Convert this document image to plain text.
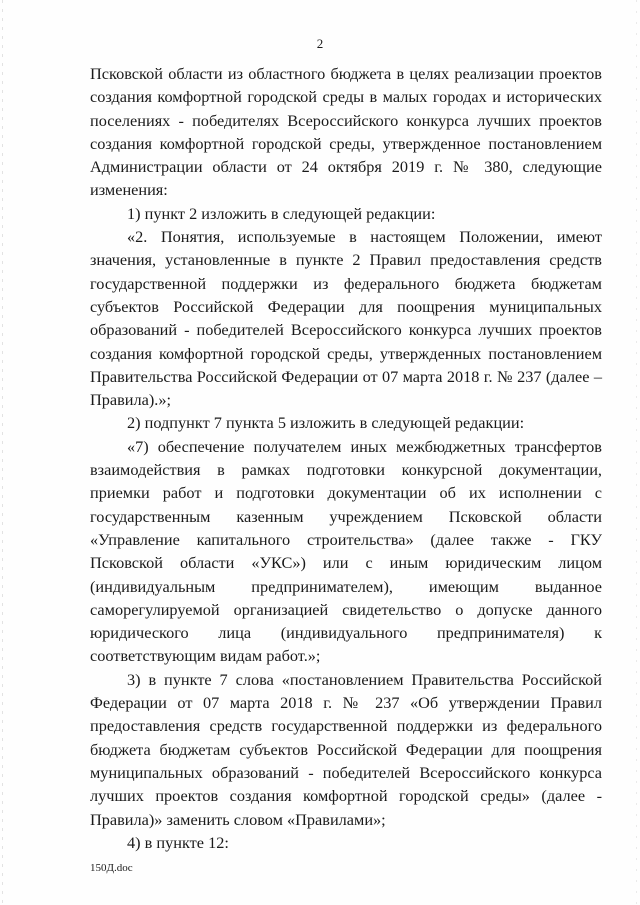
2

Псковской области из областного бюджета в целях реализации проектов создания комфортной городской среды в малых городах и исторических поселениях - победителях Всероссийского конкурса лучших проектов создания комфортной городской среды, утвержденное постановлением Администрации области от 24 октября 2019 г. № 380, следующие изменения:

1) пункт 2 изложить в следующей редакции:

«2. Понятия, используемые в настоящем Положении, имеют значения, установленные в пункте 2 Правил предоставления средств государственной поддержки из федерального бюджета бюджетам субъектов Российской Федерации для поощрения муниципальных образований - победителей Всероссийского конкурса лучших проектов создания комфортной городской среды, утвержденных постановлением Правительства Российской Федерации от 07 марта 2018 г. № 237 (далее – Правила).»;

2) подпункт 7 пункта 5 изложить в следующей редакции:

«7) обеспечение получателем иных межбюджетных трансфертов взаимодействия в рамках подготовки конкурсной документации, приемки работ и подготовки документации об их исполнении с государственным казенным учреждением Псковской области «Управление капитального строительства» (далее также - ГКУ Псковской области «УКС») или с иным юридическим лицом (индивидуальным предпринимателем), имеющим выданное саморегулируемой организацией свидетельство о допуске данного юридического лица (индивидуального предпринимателя) к соответствующим видам работ.»;

3) в пункте 7 слова «постановлением Правительства Российской Федерации от 07 марта 2018 г. № 237 «Об утверждении Правил предоставления средств государственной поддержки из федерального бюджета бюджетам субъектов Российской Федерации для поощрения муниципальных образований - победителей Всероссийского конкурса лучших проектов создания комфортной городской среды» (далее - Правила)» заменить словом «Правилами»;

4) в пункте 12:

150Д.doc
